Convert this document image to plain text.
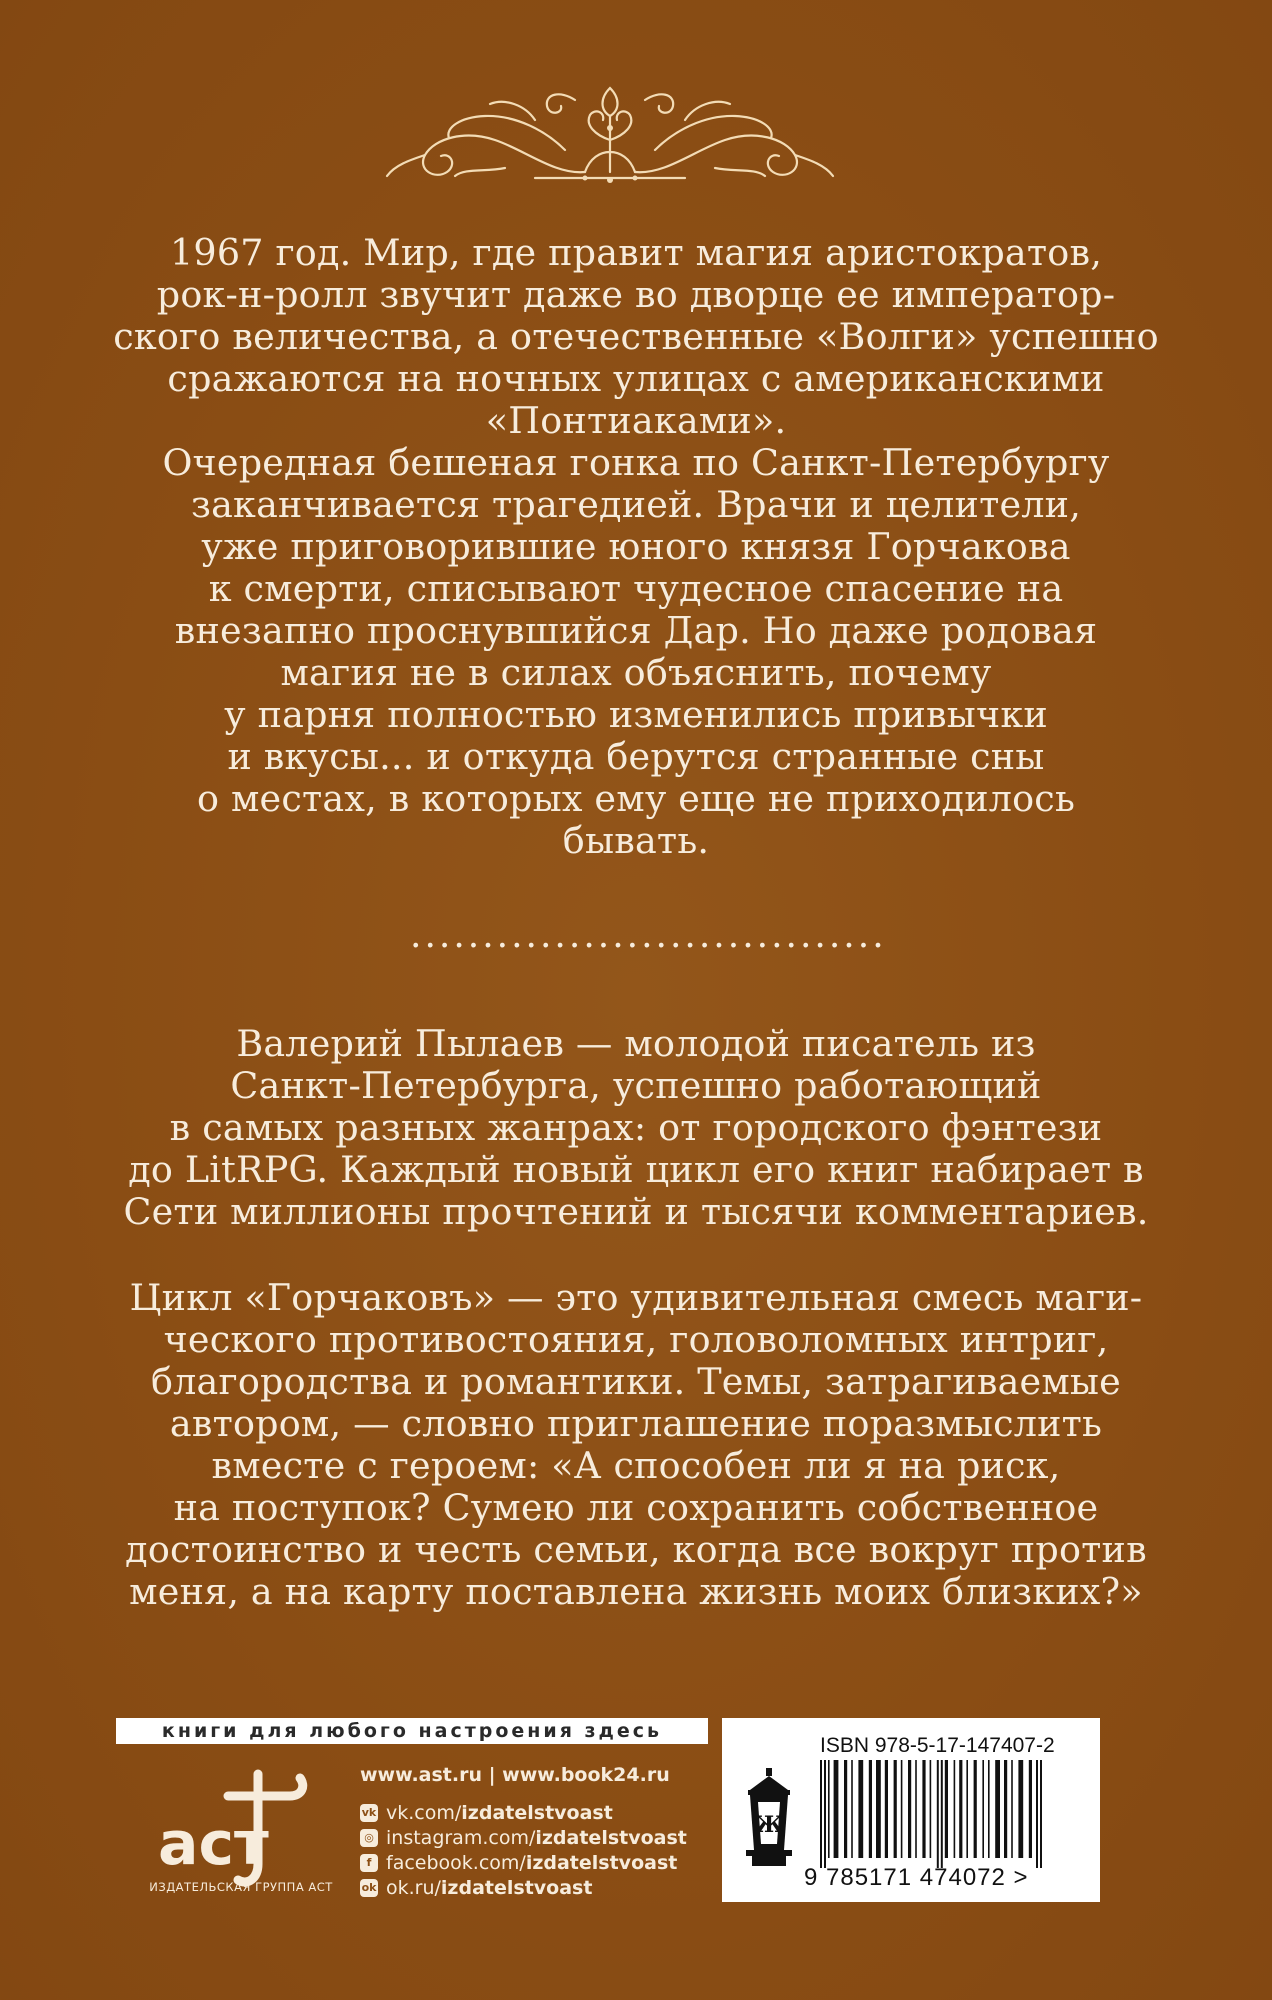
1967 год. Мир, где правит магия аристократов,
рок-н-ролл звучит даже во дворце ее император-
ского величества, а отечественные «Волги» успешно
сражаются на ночных улицах с американскими
«Понтиаками».
Очередная бешеная гонка по Санкт-Петербургу
заканчивается трагедией. Врачи и целители,
уже приговорившие юного князя Горчакова
к смерти, списывают чудесное спасение на
внезапно проснувшийся Дар. Но даже родовая
магия не в силах объяснить, почему
у парня полностью изменились привычки
и вкусы... и откуда берутся странные сны
о местах, в которых ему еще не приходилось
бывать.

.................................

Валерий Пылаев — молодой писатель из
Санкт-Петербурга, успешно работающий
в самых разных жанрах: от городского фэнтези
до LitRPG. Каждый новый цикл его книг набирает в
Сети миллионы прочтений и тысячи комментариев.

Цикл «Горчаковъ» — это удивительная смесь маги-
ческого противостояния, головоломных интриг,
благородства и романтики. Темы, затрагиваемые
автором, — словно приглашение поразмыслить
вместе с героем: «А способен ли я на риск,
на поступок? Сумею ли сохранить собственное
достоинство и честь семьи, когда все вокруг против
меня, а на карту поставлена жизнь моих близких?»

книги для любого настроения здесь
аст
ИЗДАТЕЛЬСКАЯ ГРУППА АСТ
www.ast.ru | www.book24.ru
vk vk.com/ izdatelstvoast
◎ instagram.com/ izdatelstvoast
f facebook.com/ izdatelstvoast
ok ok.ru/ izdatelstvoast
Ж
ISBN 978-5-17-147407-2
9 785171 474072 >
